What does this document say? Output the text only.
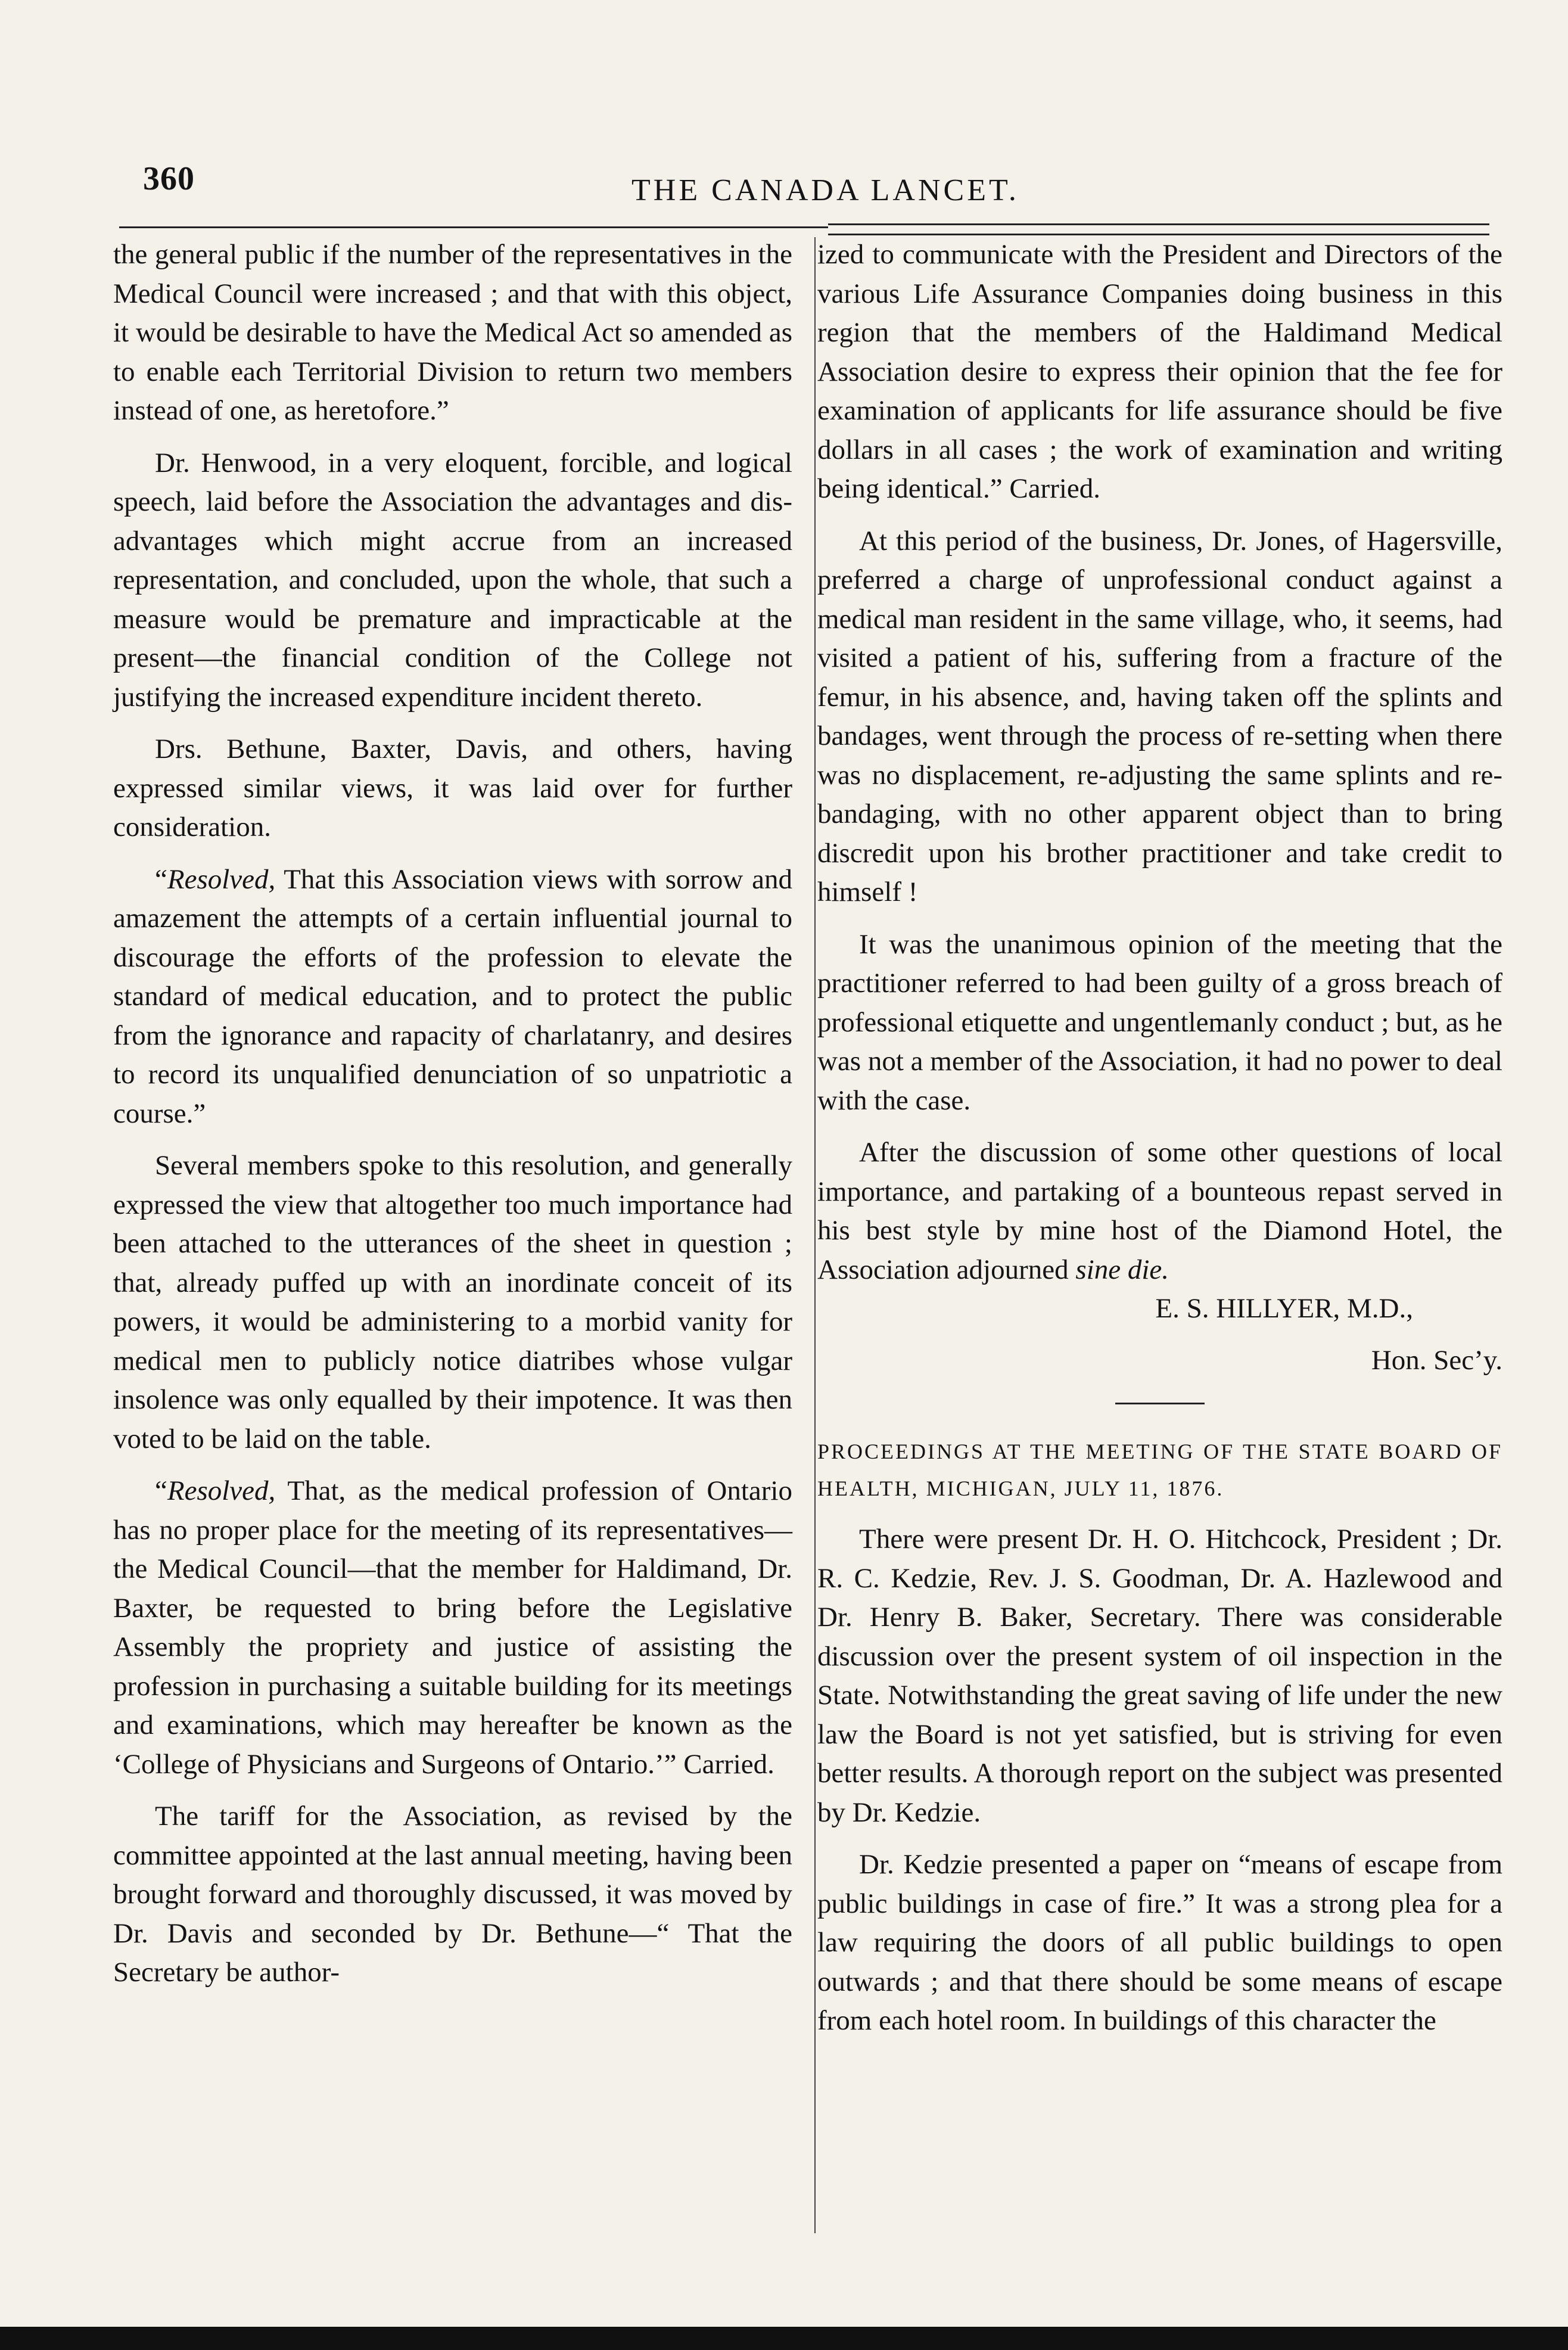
360	THE CANADA LANCET.

the general public if the number of the representatives in the Medical Council were increased ; and that with this object, it would be desirable to have the Medical Act so amended as to enable each Territorial Division to return two members instead of one, as heretofore.”

Dr. Henwood, in a very eloquent, forcible, and logical speech, laid before the Association the advantages and dis-advantages which might accrue from an increased representation, and concluded, upon the whole, that such a measure would be premature and impracticable at the present—the financial condition of the College not justifying the increased expenditure incident thereto.

Drs. Bethune, Baxter, Davis, and others, having expressed similar views, it was laid over for further consideration.

“Resolved, That this Association views with sorrow and amazement the attempts of a certain influential journal to discourage the efforts of the profession to elevate the standard of medical education, and to protect the public from the ignorance and rapacity of charlatanry, and desires to record its unqualified denunciation of so unpatriotic a course.”

Several members spoke to this resolution, and generally expressed the view that altogether too much importance had been attached to the utterances of the sheet in question ; that, already puffed up with an inordinate conceit of its powers, it would be administering to a morbid vanity for medical men to publicly notice diatribes whose vulgar insolence was only equalled by their impotence. It was then voted to be laid on the table.

“Resolved, That, as the medical profession of Ontario has no proper place for the meeting of its representatives—the Medical Council—that the member for Haldimand, Dr. Baxter, be requested to bring before the Legislative Assembly the propriety and justice of assisting the profession in purchasing a suitable building for its meetings and examinations, which may hereafter be known as the ‘College of Physicians and Surgeons of Ontario.’” Carried.

The tariff for the Association, as revised by the committee appointed at the last annual meeting, having been brought forward and thoroughly discussed, it was moved by Dr. Davis and seconded by Dr. Bethune—“ That the Secretary be author-

ized to communicate with the President and Directors of the various Life Assurance Companies doing business in this region that the members of the Haldimand Medical Association desire to express their opinion that the fee for examination of applicants for life assurance should be five dollars in all cases ; the work of examination and writing being identical.” Carried.

At this period of the business, Dr. Jones, of Hagersville, preferred a charge of unprofessional conduct against a medical man resident in the same village, who, it seems, had visited a patient of his, suffering from a fracture of the femur, in his absence, and, having taken off the splints and bandages, went through the process of re-setting when there was no displacement, re-adjusting the same splints and re-bandaging, with no other apparent object than to bring discredit upon his brother practitioner and take credit to himself !

It was the unanimous opinion of the meeting that the practitioner referred to had been guilty of a gross breach of professional etiquette and ungentlemanly conduct ; but, as he was not a member of the Association, it had no power to deal with the case.

After the discussion of some other questions of local importance, and partaking of a bounteous repast served in his best style by mine host of the Diamond Hotel, the Association adjourned sine die.

E. S. HILLYER, M.D.,

Hon. Sec’y.

PROCEEDINGS AT THE MEETING OF THE STATE BOARD OF HEALTH, MICHIGAN, JULY 11, 1876.

There were present Dr. H. O. Hitchcock, President ; Dr. R. C. Kedzie, Rev. J. S. Goodman, Dr. A. Hazlewood and Dr. Henry B. Baker, Secretary. There was considerable discussion over the present system of oil inspection in the State. Notwithstanding the great saving of life under the new law the Board is not yet satisfied, but is striving for even better results. A thorough report on the subject was presented by Dr. Kedzie.

Dr. Kedzie presented a paper on “means of escape from public buildings in case of fire.” It was a strong plea for a law requiring the doors of all public buildings to open outwards ; and that there should be some means of escape from each hotel room. In buildings of this character the
